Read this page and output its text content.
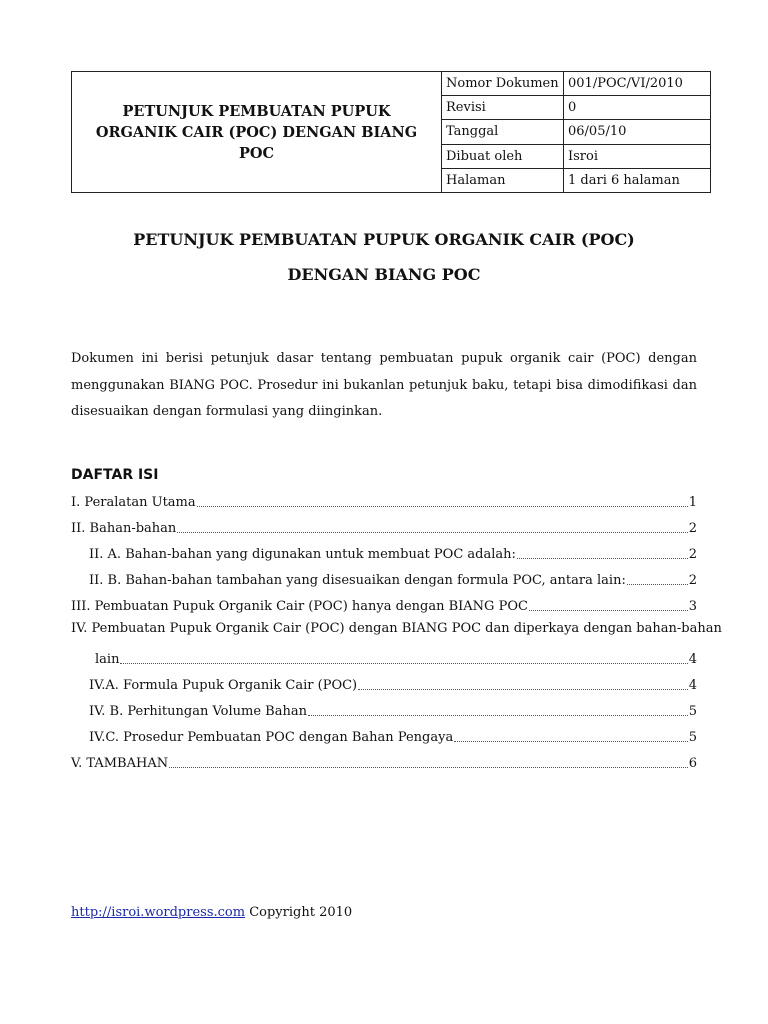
PETUNJUK PEMBUATAN PUPUK ORGANIK CAIR (POC) DENGAN BIANG POC	Nomor Dokumen	001/POC/VI/2010
	Revisi	0
	Tanggal	06/05/10
	Dibuat oleh	Isroi
	Halaman	1 dari 6 halaman
PETUNJUK PEMBUATAN PUPUK ORGANIK CAIR (POC)
DENGAN BIANG POC

Dokumen ini berisi petunjuk dasar tentang pembuatan pupuk organik cair (POC) dengan menggunakan BIANG POC. Prosedur ini bukanlan petunjuk baku, tetapi bisa dimodifikasi dan disesuaikan dengan formulasi yang diinginkan.

DAFTAR ISI
I. Peralatan Utama	1
II. Bahan-bahan	2
II. A. Bahan-bahan yang digunakan untuk membuat POC adalah:	2
II. B. Bahan-bahan tambahan yang disesuaikan dengan formula POC, antara lain:	2
III. Pembuatan Pupuk Organik Cair (POC) hanya dengan BIANG POC	3
IV. Pembuatan Pupuk Organik Cair (POC) dengan BIANG POC dan diperkaya dengan bahan-bahan
lain	4
IV.A. Formula Pupuk Organik Cair (POC)	4
IV. B. Perhitungan Volume Bahan	5
IV.C. Prosedur Pembuatan POC dengan Bahan Pengaya	5
V. TAMBAHAN	6

http://isroi.wordpress.com Copyright 2010
